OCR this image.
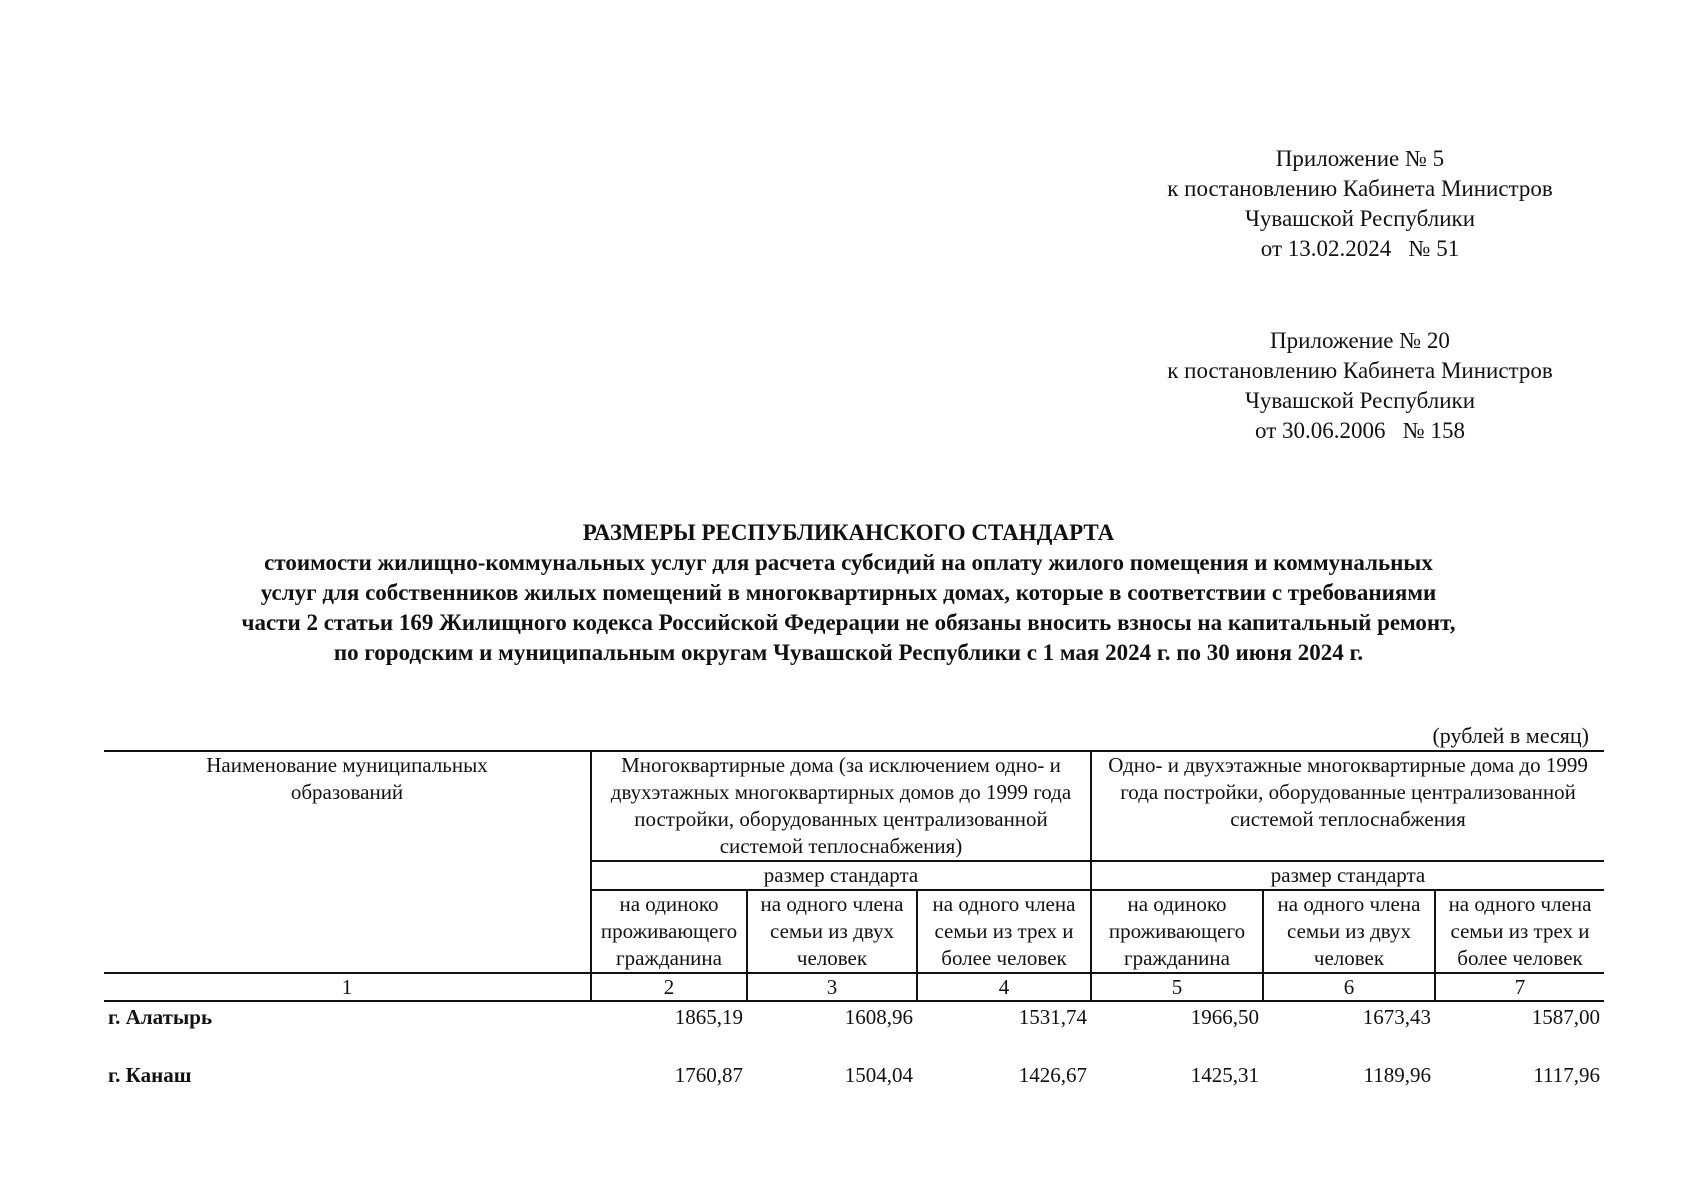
Приложение № 5
к постановлению Кабинета Министров
Чувашской Республики
от 13.02.2024   № 51
Приложение № 20
к постановлению Кабинета Министров
Чувашской Республики
от 30.06.2006   № 158
РАЗМЕРЫ РЕСПУБЛИКАНСКОГО СТАНДАРТА
стоимости жилищно-коммунальных услуг для расчета субсидий на оплату жилого помещения и коммунальных
услуг для собственников жилых помещений в многоквартирных домах, которые в соответствии с требованиями
части 2 статьи 169 Жилищного кодекса Российской Федерации не обязаны вносить взносы на капитальный ремонт,
по городским и муниципальным округам Чувашской Республики с 1 мая 2024 г. по 30 июня 2024 г.
(рублей в месяц)
Наименование муниципальных образований	Многоквартирные дома (за исключением одно- и двухэтажных многоквартирных домов до 1999 года постройки, оборудованных централизованной системой теплоснабжения)			Одно- и двухэтажные многоквартирные дома до 1999 года постройки, оборудованные централизованной системой теплоснабжения		
	размер стандарта			размер стандарта		
	на одиноко проживающего гражданина	на одного члена семьи из двух человек	на одного члена семьи из трех и более человек	на одиноко проживающего гражданина	на одного члена семьи из двух человек	на одного члена семьи из трех и более человек
1	2	3	4	5	6	7
г. Алатырь	1865,19	1608,96	1531,74	1966,50	1673,43	1587,00
г. Канаш	1760,87	1504,04	1426,67	1425,31	1189,96	1117,96
